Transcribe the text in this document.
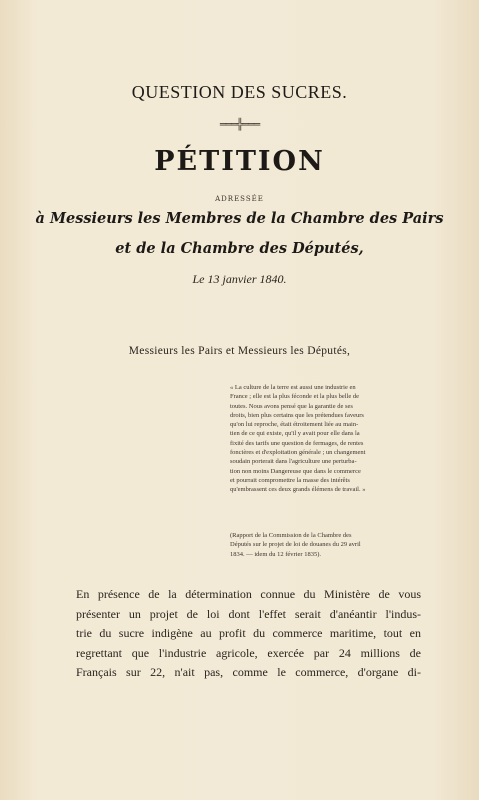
QUESTION DES SUCRES.
═══╬═══
PÉTITION
ADRESSÉE
à Messieurs les Membres de la Chambre des Pairs
et de la Chambre des Députés,
Le 13 janvier 1840.
Messieurs les Pairs et Messieurs les Députés,
« La culture de la terre est aussi une industrie en
France ; elle est la plus féconde et la plus belle de
toutes. Nous avons pensé que la garantie de ses
droits, bien plus certains que les prétendues faveurs
qu'on lui reproche, était étroitement liée au main-
tien de ce qui existe, qu'il y avait pour elle dans la
fixité des tarifs une question de fermages, de rentes
foncières et d'exploitation générale ; un changement
soudain porterait dans l'agriculture une perturba-
tion non moins Dangereuse que dans le commerce
et pourrait compromettre la masse des intérêts
qu'embrassent ces deux grands élémens de travail. »
(Rapport de la Commission de la Chambre des
Députés sur le projet de loi de douanes du 29 avril
1834. — idem du 12 février 1835).
En présence de la détermination connue du Ministère de vous
présenter un projet de loi dont l'effet serait d'anéantir l'indus-
trie du sucre indigène au profit du commerce maritime, tout en
regrettant que l'industrie agricole, exercée par 24 millions de
Français sur 22, n'ait pas, comme le commerce, d'organe di-
